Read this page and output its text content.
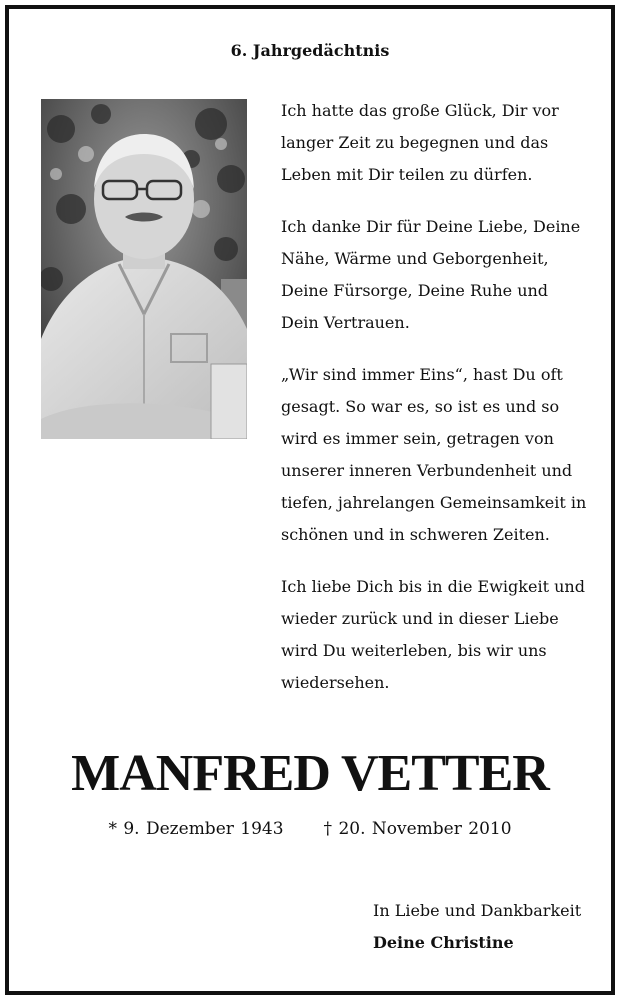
6. Jahrgedächtnis

Ich hatte das große Glück, Dir vor
langer Zeit zu begegnen und das
Leben mit Dir teilen zu dürfen.

Ich danke Dir für Deine Liebe, Deine
Nähe, Wärme und Geborgenheit,
Deine Fürsorge, Deine Ruhe und
Dein Vertrauen.

„Wir sind immer Eins“, hast Du oft
gesagt. So war es, so ist es und so
wird es immer sein, getragen von
unserer inneren Verbundenheit und
tiefen, jahrelangen Gemeinsamkeit in
schönen und in schweren Zeiten.

Ich liebe Dich bis in die Ewigkeit und
wieder zurück und in dieser Liebe
wird Du weiterleben, bis wir uns
wiedersehen.

MANFRED VETTER
* 9. Dezember 1943 † 20. November 2010
In Liebe und Dankbarkeit
Deine Christine
